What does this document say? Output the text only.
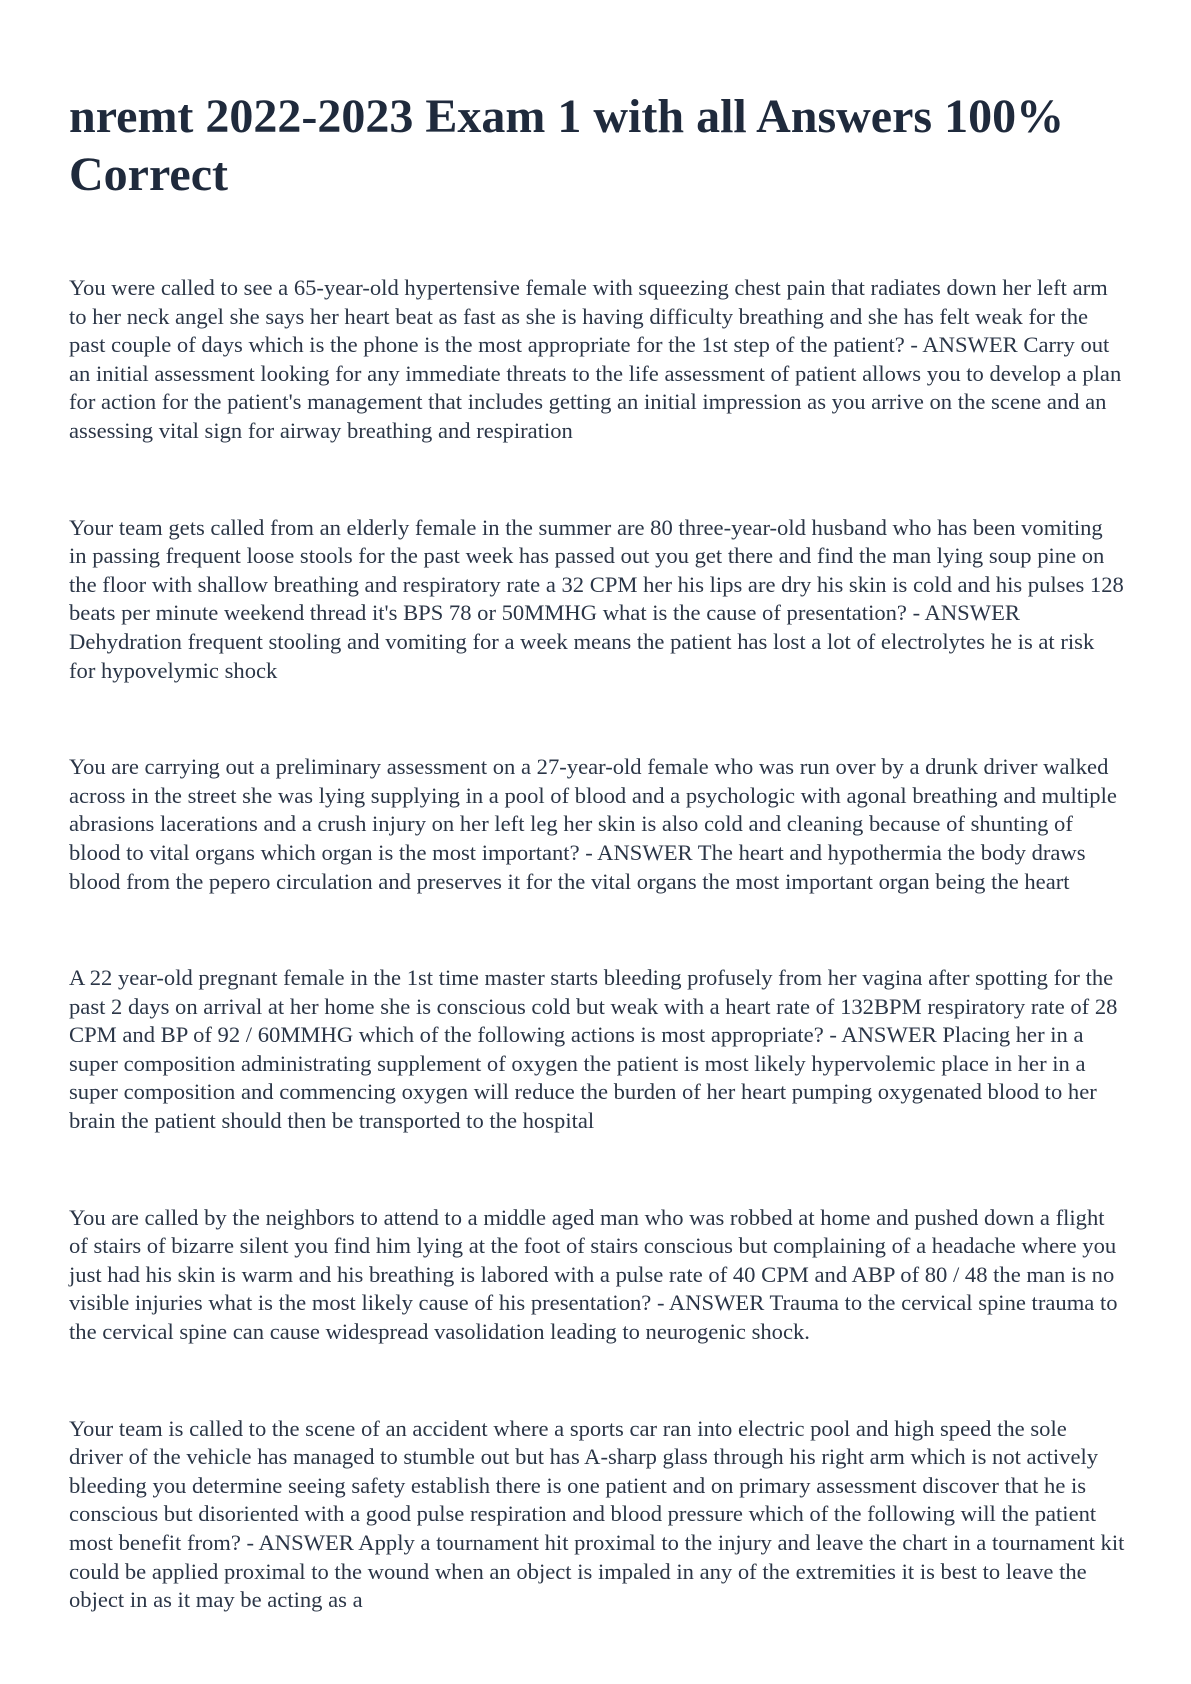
nremt 2022-2023 Exam 1 with all Answers 100% Correct

You were called to see a 65-year-old hypertensive female with squeezing chest pain that radiates down her left arm to her neck angel she says her heart beat as fast as she is having difficulty breathing and she has felt weak for the past couple of days which is the phone is the most appropriate for the 1st step of the patient? - ANSWER Carry out an initial assessment looking for any immediate threats to the life assessment of patient allows you to develop a plan for action for the patient's management that includes getting an initial impression as you arrive on the scene and an assessing vital sign for airway breathing and respiration

Your team gets called from an elderly female in the summer are 80 three-year-old husband who has been vomiting in passing frequent loose stools for the past week has passed out you get there and find the man lying soup pine on the floor with shallow breathing and respiratory rate a 32 CPM her his lips are dry his skin is cold and his pulses 128 beats per minute weekend thread it's BPS 78 or 50MMHG what is the cause of presentation? - ANSWER Dehydration frequent stooling and vomiting for a week means the patient has lost a lot of electrolytes he is at risk for hypovelymic shock

You are carrying out a preliminary assessment on a 27-year-old female who was run over by a drunk driver walked across in the street she was lying supplying in a pool of blood and a psychologic with agonal breathing and multiple abrasions lacerations and a crush injury on her left leg her skin is also cold and cleaning because of shunting of blood to vital organs which organ is the most important? - ANSWER The heart and hypothermia the body draws blood from the pepero circulation and preserves it for the vital organs the most important organ being the heart

A 22 year-old pregnant female in the 1st time master starts bleeding profusely from her vagina after spotting for the past 2 days on arrival at her home she is conscious cold but weak with a heart rate of 132BPM respiratory rate of 28 CPM and BP of 92 / 60MMHG which of the following actions is most appropriate? - ANSWER Placing her in a super composition administrating supplement of oxygen the patient is most likely hypervolemic place in her in a super composition and commencing oxygen will reduce the burden of her heart pumping oxygenated blood to her brain the patient should then be transported to the hospital

You are called by the neighbors to attend to a middle aged man who was robbed at home and pushed down a flight of stairs of bizarre silent you find him lying at the foot of stairs conscious but complaining of a headache where you just had his skin is warm and his breathing is labored with a pulse rate of 40 CPM and ABP of 80 / 48 the man is no visible injuries what is the most likely cause of his presentation? - ANSWER Trauma to the cervical spine trauma to the cervical spine can cause widespread vasolidation leading to neurogenic shock.

Your team is called to the scene of an accident where a sports car ran into electric pool and high speed the sole driver of the vehicle has managed to stumble out but has A-sharp glass through his right arm which is not actively bleeding you determine seeing safety establish there is one patient and on primary assessment discover that he is conscious but disoriented with a good pulse respiration and blood pressure which of the following will the patient most benefit from? - ANSWER Apply a tournament hit proximal to the injury and leave the chart in a tournament kit could be applied proximal to the wound when an object is impaled in any of the extremities it is best to leave the object in as it may be acting as a
